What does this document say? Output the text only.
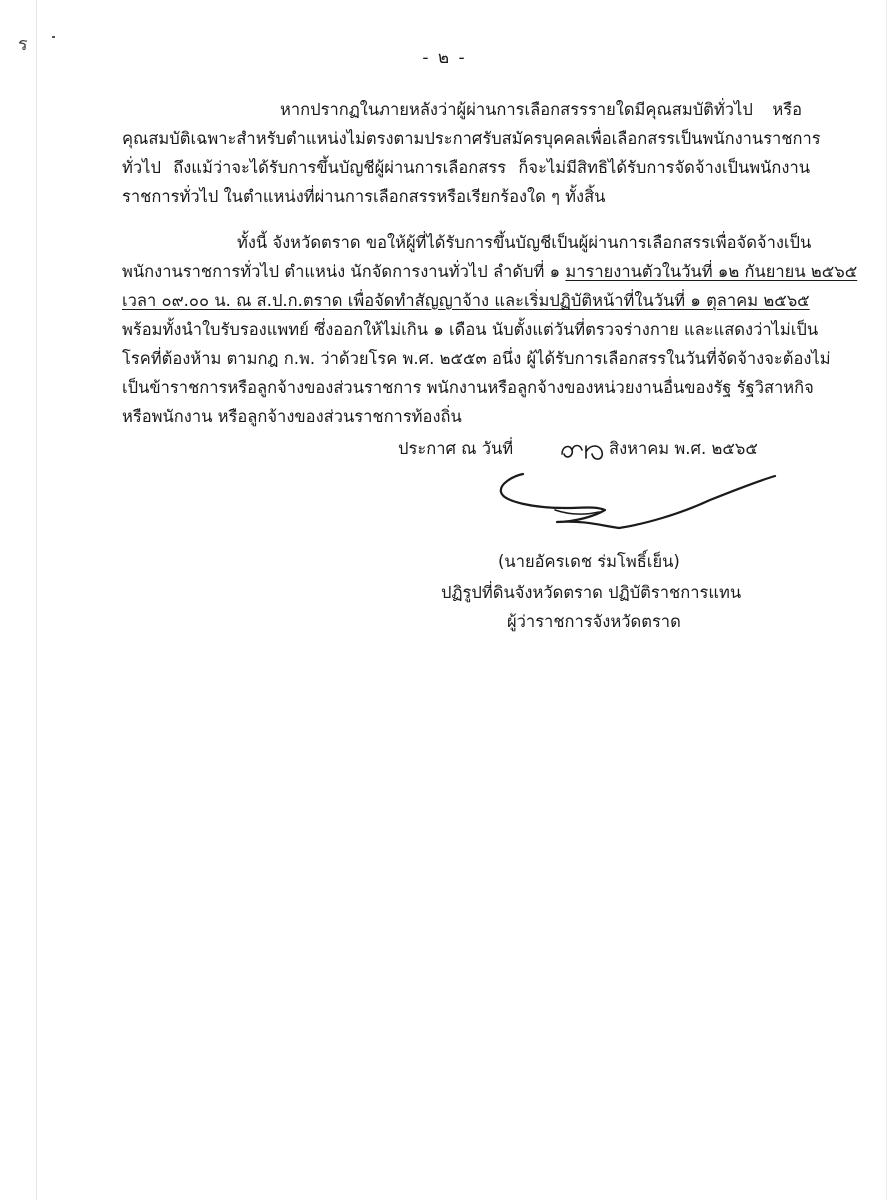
ร
- ๒ -
หากปรากฏในภายหลังว่าผู้ผ่านการเลือกสรรรายใดมีคุณสมบัติทั่วไป หรือ
คุณสมบัติเฉพาะสำหรับตำแหน่งไม่ตรงตามประกาศรับสมัครบุคคลเพื่อเลือกสรรเป็นพนักงานราชการ
ทั่วไป ถึงแม้ว่าจะได้รับการขึ้นบัญชีผู้ผ่านการเลือกสรร ก็จะไม่มีสิทธิได้รับการจัดจ้างเป็นพนักงาน
ราชการทั่วไป ในตำแหน่งที่ผ่านการเลือกสรรหรือเรียกร้องใด ๆ ทั้งสิ้น
ทั้งนี้ จังหวัดตราด ขอให้ผู้ที่ได้รับการขึ้นบัญชีเป็นผู้ผ่านการเลือกสรรเพื่อจัดจ้างเป็น
พนักงานราชการทั่วไป ตำแหน่ง นักจัดการงานทั่วไป ลำดับที่ ๑ มารายงานตัวในวันที่ ๑๒ กันยายน ๒๕๖๕
เวลา ๐๙.๐๐ น. ณ ส.ป.ก.ตราด เพื่อจัดทำสัญญาจ้าง และเริ่มปฏิบัติหน้าที่ในวันที่ ๑ ตุลาคม ๒๕๖๕
พร้อมทั้งนำใบรับรองแพทย์ ซึ่งออกให้ไม่เกิน ๑ เดือน นับตั้งแต่วันที่ตรวจร่างกาย และแสดงว่าไม่เป็น
โรคที่ต้องห้าม ตามกฎ ก.พ. ว่าด้วยโรค พ.ศ. ๒๕๕๓ อนึ่ง ผู้ได้รับการเลือกสรรในวันที่จัดจ้างจะต้องไม่
เป็นข้าราชการหรือลูกจ้างของส่วนราชการ พนักงานหรือลูกจ้างของหน่วยงานอื่นของรัฐ รัฐวิสาหกิจ
หรือพนักงาน หรือลูกจ้างของส่วนราชการท้องถิ่น
ประกาศ ณ วันที่	สิงหาคม พ.ศ. ๒๕๖๕
(นายอัครเดช ร่มโพธิ์เย็น)
ปฏิรูปที่ดินจังหวัดตราด ปฏิบัติราชการแทน
ผู้ว่าราชการจังหวัดตราด
